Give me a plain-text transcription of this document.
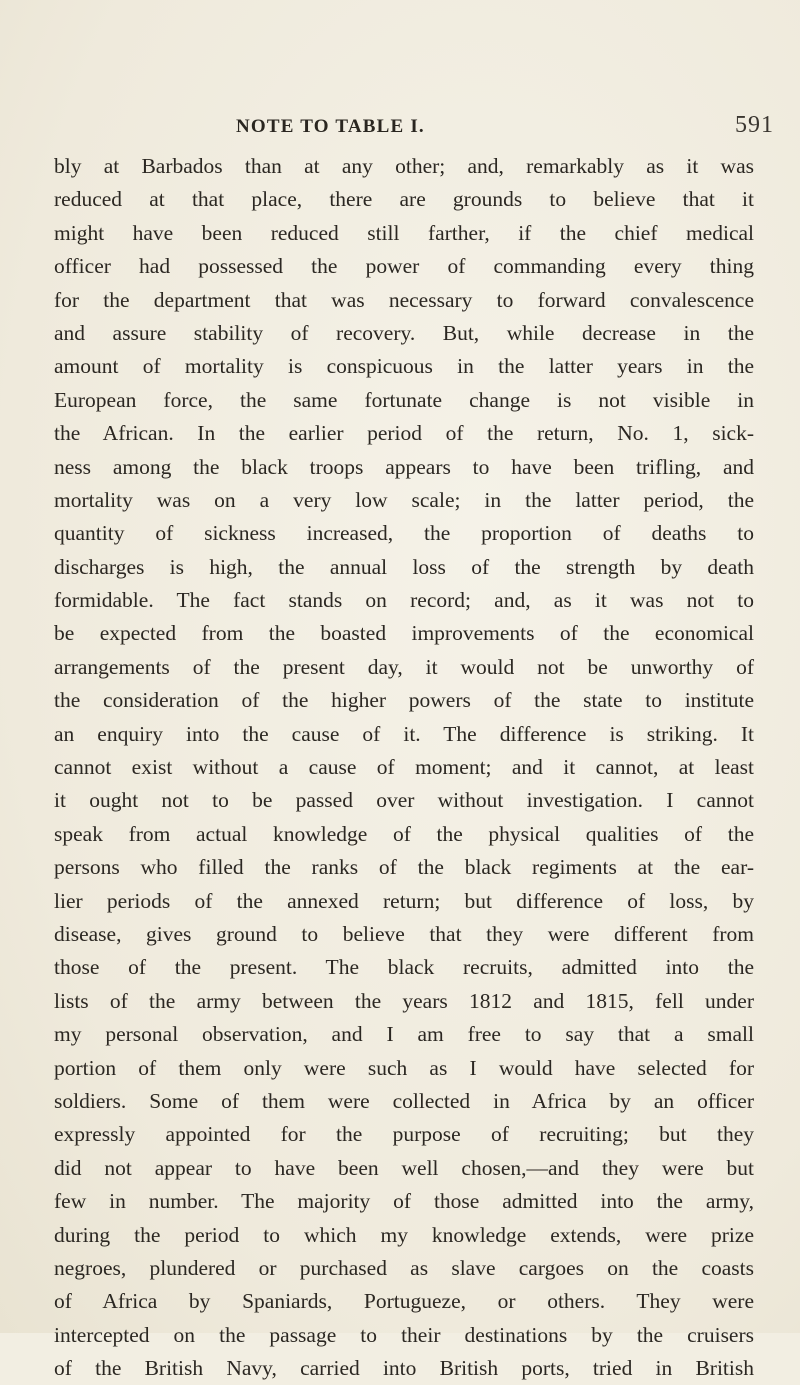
NOTE TO TABLE I.	591
bly at Barbados than at any other; and, remarkably as it was
reduced at that place, there are grounds to believe that it
might have been reduced still farther, if the chief medical
officer had possessed the power of commanding every thing
for the department that was necessary to forward convalescence
and assure stability of recovery. But, while decrease in the
amount of mortality is conspicuous in the latter years in the
European force, the same fortunate change is not visible in
the African. In the earlier period of the return, No. 1, sick-
ness among the black troops appears to have been trifling, and
mortality was on a very low scale; in the latter period, the
quantity of sickness increased, the proportion of deaths to
discharges is high, the annual loss of the strength by death
formidable. The fact stands on record; and, as it was not to
be expected from the boasted improvements of the economical
arrangements of the present day, it would not be unworthy of
the consideration of the higher powers of the state to institute
an enquiry into the cause of it. The difference is striking. It
cannot exist without a cause of moment; and it cannot, at least
it ought not to be passed over without investigation. I cannot
speak from actual knowledge of the physical qualities of the
persons who filled the ranks of the black regiments at the ear-
lier periods of the annexed return; but difference of loss, by
disease, gives ground to believe that they were different from
those of the present. The black recruits, admitted into the
lists of the army between the years 1812 and 1815, fell under
my personal observation, and I am free to say that a small
portion of them only were such as I would have selected for
soldiers. Some of them were collected in Africa by an officer
expressly appointed for the purpose of recruiting; but they
did not appear to have been well chosen,—and they were but
few in number. The majority of those admitted into the army,
during the period to which my knowledge extends, were prize
negroes, plundered or purchased as slave cargoes on the coasts
of Africa by Spaniards, Portugueze, or others. They were
intercepted on the passage to their destinations by the cruisers
of the British Navy, carried into British ports, tried in British
